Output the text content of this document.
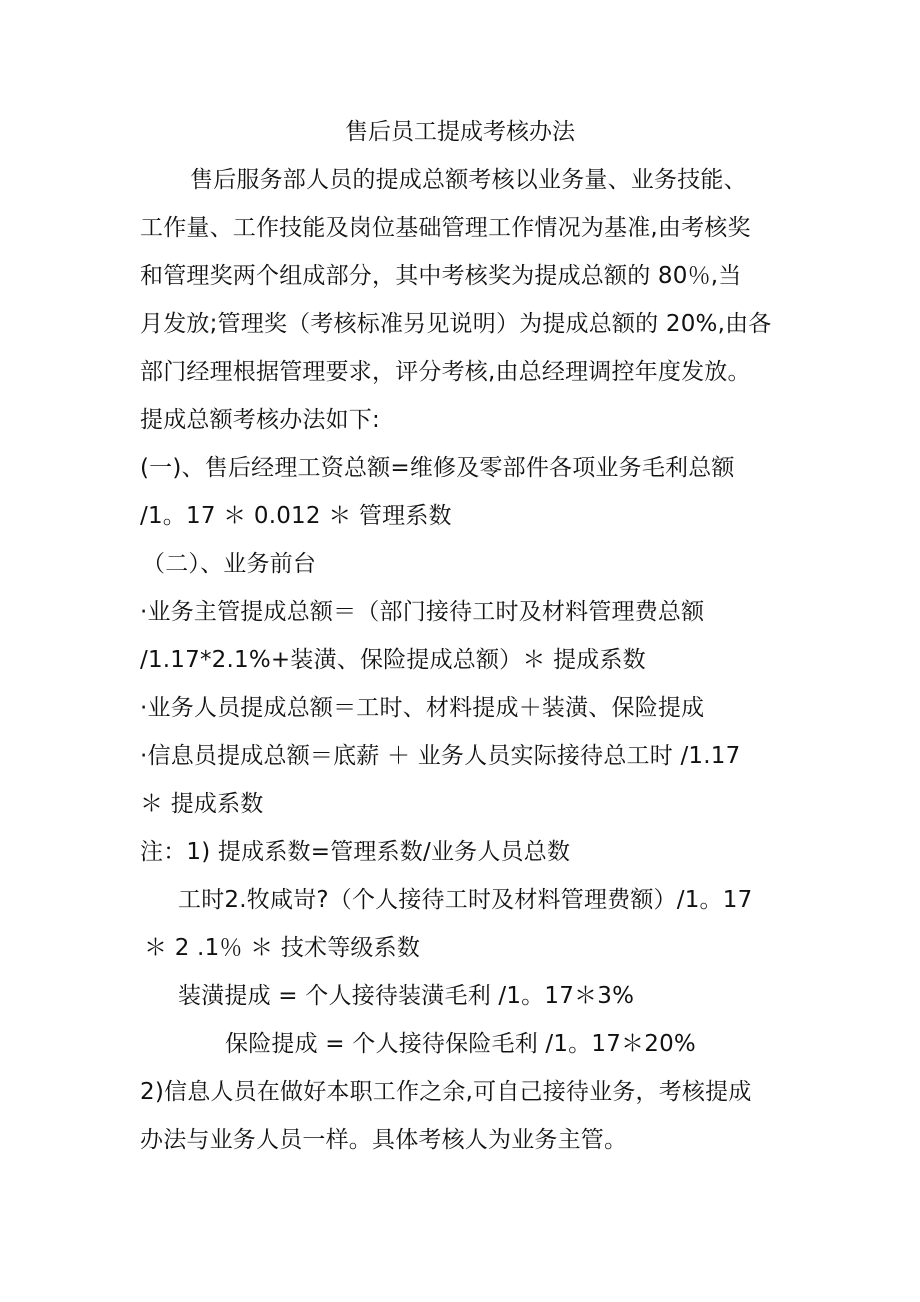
售后员工提成考核办法
售后服务部人员的提成总额考核以业务量、业务技能、
工作量、工作技能及岗位基础管理工作情况为基准,由考核奖
和管理奖两个组成部分，其中考核奖为提成总额的 80％,当
月发放;管理奖（考核标准另见说明）为提成总额的 20%,由各
部门经理根据管理要求，评分考核,由总经理调控年度发放。
提成总额考核办法如下:
(一)、售后经理工资总额=维修及零部件各项业务毛利总额
/1。17 ＊ 0.012 ＊ 管理系数
（二）、业务前台
·业务主管提成总额＝（部门接待工时及材料管理费总额
/1.17*2.1%+装潢、保险提成总额）＊ 提成系数
·业务人员提成总额＝工时、材料提成＋装潢、保险提成
·信息员提成总额＝底薪 ＋ 业务人员实际接待总工时 /1.17
＊ 提成系数
注：1) 提成系数=管理系数/业务人员总数
工时2.牧咸岢?（个人接待工时及材料管理费额）/1。17
＊ 2 .1％ ＊ 技术等级系数
装潢提成 = 个人接待装潢毛利 /1。17＊3%
保险提成 = 个人接待保险毛利 /1。17＊20%
2)信息人员在做好本职工作之余,可自己接待业务，考核提成
办法与业务人员一样。具体考核人为业务主管。
